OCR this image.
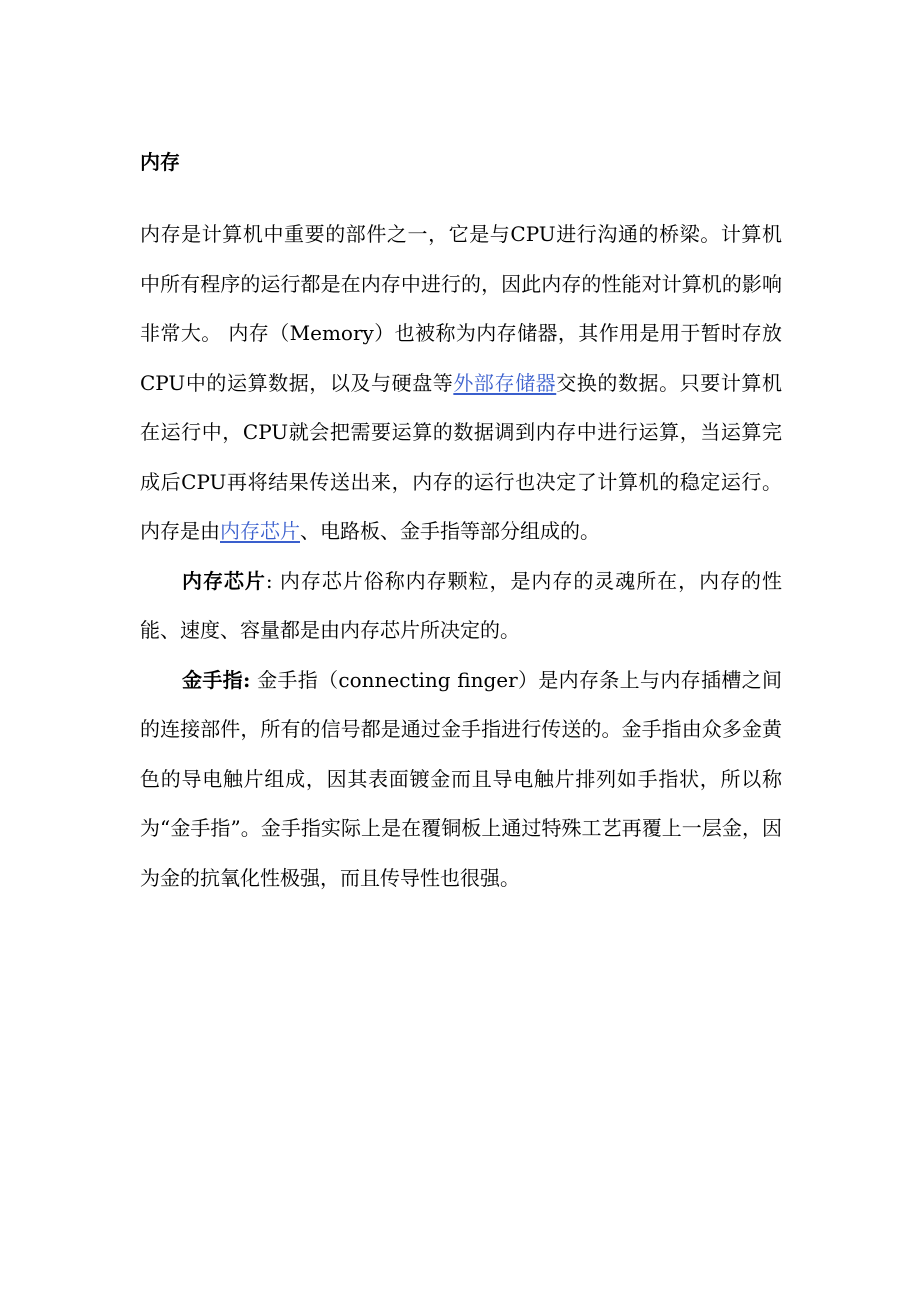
内存

内存是计算机中重要的部件之一，它是与CPU进行沟通的桥梁。计算机中所有程序的运行都是在内存中进行的，因此内存的性能对计算机的影响非常大。 内存（Memory）也被称为内存储器，其作用是用于暂时存放CPU中的运算数据，以及与硬盘等外部存储器交换的数据。只要计算机在运行中，CPU就会把需要运算的数据调到内存中进行运算，当运算完成后CPU再将结果传送出来，内存的运行也决定了计算机的稳定运行。 内存是由内存芯片、电路板、金手指等部分组成的。

内存芯片: 内存芯片俗称内存颗粒，是内存的灵魂所在，内存的性能、速度、容量都是由内存芯片所决定的。

金手指: 金手指（connecting finger）是内存条上与内存插槽之间的连接部件，所有的信号都是通过金手指进行传送的。金手指由众多金黄色的导电触片组成，因其表面镀金而且导电触片排列如手指状，所以称为“金手指”。金手指实际上是在覆铜板上通过特殊工艺再覆上一层金，因为金的抗氧化性极强，而且传导性也很强。
